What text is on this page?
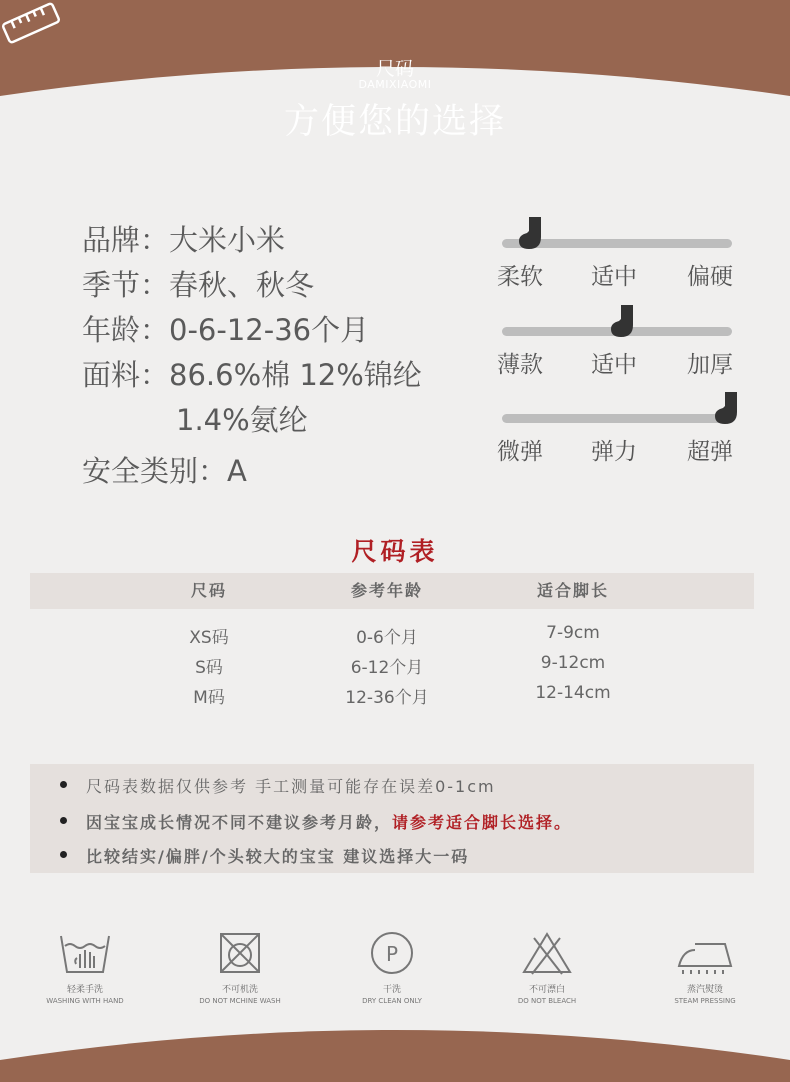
尺码
DAMIXIAOMI
方便您的选择
品牌：大米小米
季节：春秋、秋冬
年龄：0-6-12-36个月
面料：86.6%棉 12%锦纶
1.4%氨纶
安全类别：A
柔软 适中 偏硬
薄款 适中 加厚
微弹 弹力 超弹
尺码表
尺码	参考年龄	适合脚长
XS码	0-6个月	7-9cm
S码	6-12个月	9-12cm
M码	12-36个月	12-14cm
尺码表数据仅供参考 手工测量可能存在误差0-1cm
因宝宝成长情况不同不建议参考月龄，请参考适合脚长选择。
比较结实/偏胖/个头较大的宝宝 建议选择大一码
轻柔手洗
WASHING WITH HAND
不可机洗
DO NOT MCHINE WASH
P
干洗
DRY CLEAN ONLY
不可漂白
DO NOT BLEACH
蒸汽熨烫
STEAM PRESSING
